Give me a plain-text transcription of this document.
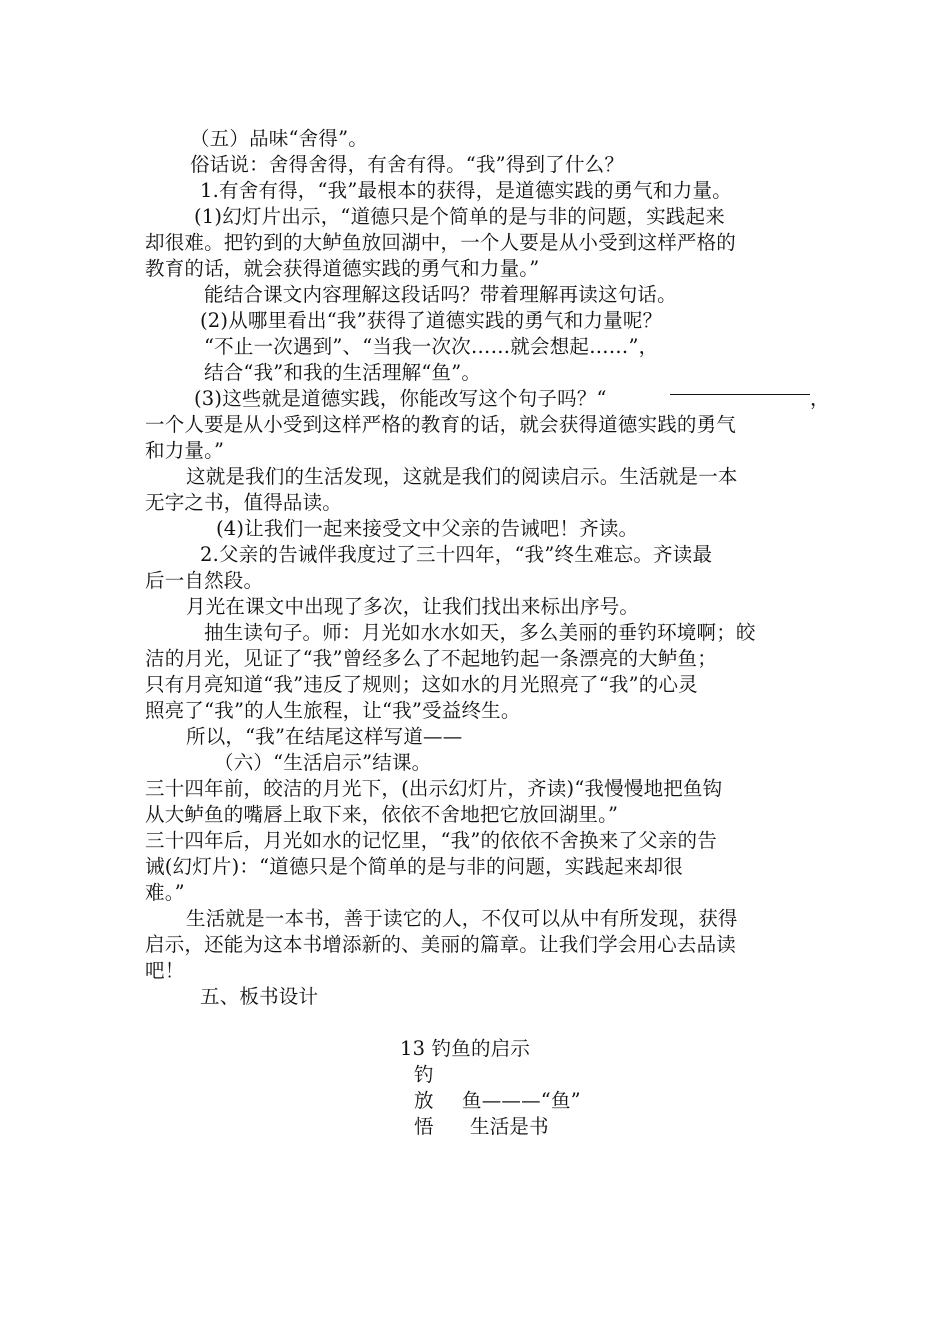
（五）品味“舍得”。
俗话说：舍得舍得，有舍有得。“我”得到了什么？
1.有舍有得，“我”最根本的获得，是道德实践的勇气和力量。
(1)幻灯片出示，“道德只是个简单的是与非的问题，实践起来
却很难。把钓到的大鲈鱼放回湖中，一个人要是从小受到这样严格的
教育的话，就会获得道德实践的勇气和力量。”
能结合课文内容理解这段话吗？带着理解再读这句话。
(2)从哪里看出“我”获得了道德实践的勇气和力量呢？
“不止一次遇到”、“当我一次次……就会想起……”，
结合“我”和我的生活理解“鱼”。
(3)这些就是道德实践，你能改写这个句子吗？“	，
一个人要是从小受到这样严格的教育的话，就会获得道德实践的勇气
和力量。”
这就是我们的生活发现，这就是我们的阅读启示。生活就是一本
无字之书，值得品读。
(4)让我们一起来接受文中父亲的告诫吧！齐读。
2.父亲的告诫伴我度过了三十四年，“我”终生难忘。齐读最
后一自然段。
月光在课文中出现了多次，让我们找出来标出序号。
抽生读句子。师：月光如水水如天，多么美丽的垂钓环境啊；皎
洁的月光，见证了“我”曾经多么了不起地钓起一条漂亮的大鲈鱼；
只有月亮知道“我”违反了规则；这如水的月光照亮了“我”的心灵
照亮了“我”的人生旅程，让“我”受益终生。
所以，“我”在结尾这样写道——
（六）“生活启示”结课。
三十四年前，皎洁的月光下，(出示幻灯片，齐读)“我慢慢地把鱼钩
从大鲈鱼的嘴唇上取下来，依依不舍地把它放回湖里。”
三十四年后，月光如水的记忆里，“我”的依依不舍换来了父亲的告
诫(幻灯片)：“道德只是个简单的是与非的问题，实践起来却很
难。”
生活就是一本书，善于读它的人，不仅可以从中有所发现，获得
启示，还能为这本书增添新的、美丽的篇章。让我们学会用心去品读
吧！
五、板书设计
13 钓鱼的启示
钓
放 鱼———“鱼”
悟 生活是书
